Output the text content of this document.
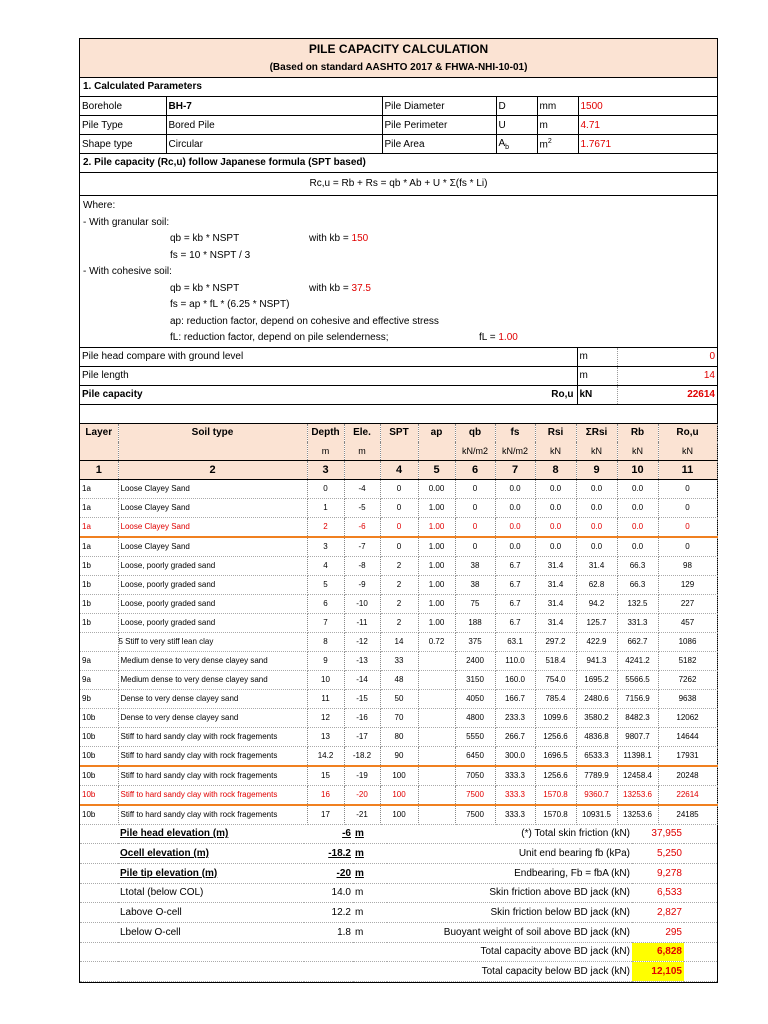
PILE CAPACITY CALCULATION
(Based on standard AASHTO 2017 & FHWA-NHI-10-01)
1. Calculated Parameters
Borehole	BH-7	Pile Diameter	D	mm	1500
Pile Type	Bored Pile	Pile Perimeter	U	m	4.71
Shape type	Circular	Pile Area	$A_b$	$m^2$	1.7671
2. Pile capacity (Rc,u) follow Japanese formula (SPT based)
Rc,u = Rb + Rs = qb * Ab + U * Σ(fs * Li)
Where:
- With granular soil:
qb = kb * NSPT	with kb = 150
fs = 10 * NSPT / 3
- With cohesive soil:
qb = kb * NSPT	with kb = 37.5
fs = ap * fL * (6.25 * NSPT)
ap: reduction factor, depend on cohesive and effective stress
fL: reduction factor, depend on pile selenderness;	fL = 1.00
Pile head compare with ground level	m	0
Pile length	m	14
Pile capacity Ro,u	kN	22614
Layer	Soil type	Depth	Ele.	SPT	ap	qb	fs	Rsi	ΣRsi	Rb	Ro,u
		m	m			kN/m2	kN/m2	kN	kN	kN	kN
1	2	3		4	5	6	7	8	9	10	11
1a	Loose Clayey Sand	0	-4	0	0.00	0	0.0	0.0	0.0	0.0	0
1a	Loose Clayey Sand	1	-5	0	1.00	0	0.0	0.0	0.0	0.0	0
1a	Loose Clayey Sand	2	-6	0	1.00	0	0.0	0.0	0.0	0.0	0
1a	Loose Clayey Sand	3	-7	0	1.00	0	0.0	0.0	0.0	0.0	0
1b	Loose, poorly graded sand	4	-8	2	1.00	38	6.7	31.4	31.4	66.3	98
1b	Loose, poorly graded sand	5	-9	2	1.00	38	6.7	31.4	62.8	66.3	129
1b	Loose, poorly graded sand	6	-10	2	1.00	75	6.7	31.4	94.2	132.5	227
1b	Loose, poorly graded sand	7	-11	2	1.00	188	6.7	31.4	125.7	331.3	457
	5 Stiff to very stiff lean clay	8	-12	14	0.72	375	63.1	297.2	422.9	662.7	1086
9a	Medium dense to very dense clayey sand	9	-13	33		2400	110.0	518.4	941.3	4241.2	5182
9a	Medium dense to very dense clayey sand	10	-14	48		3150	160.0	754.0	1695.2	5566.5	7262
9b	Dense to very dense clayey sand	11	-15	50		4050	166.7	785.4	2480.6	7156.9	9638
10b	Dense to very dense clayey sand	12	-16	70		4800	233.3	1099.6	3580.2	8482.3	12062
10b	Stiff to hard sandy clay with rock fragements	13	-17	80		5550	266.7	1256.6	4836.8	9807.7	14644
10b	Stiff to hard sandy clay with rock fragements	14.2	-18.2	90		6450	300.0	1696.5	6533.3	11398.1	17931
10b	Stiff to hard sandy clay with rock fragements	15	-19	100		7050	333.3	1256.6	7789.9	12458.4	20248
10b	Stiff to hard sandy clay with rock fragements	16	-20	100		7500	333.3	1570.8	9360.7	13253.6	22614
10b	Stiff to hard sandy clay with rock fragements	17	-21	100		7500	333.3	1570.8	10931.5	13253.6	24185
	Pile head elevation (m)	-6	m	(*) Total skin friction (kN)	37,955	
	Ocell elevation (m)	-18.2	m	Unit end bearing fb (kPa)	5,250	
	Pile tip elevation (m)	-20	m	Endbearing, Fb = fbA (kN)	9,278	
	Ltotal (below COL)	14.0	m	Skin friction above BD jack (kN)	6,533	
	Labove O-cell	12.2	m	Skin friction below BD jack (kN)	2,827	
	Lbelow O-cell	1.8	m	Buoyant weight of soil above BD jack (kN)	295	
				Total capacity above BD jack (kN)	6,828	
				Total capacity below BD jack (kN)	12,105	
